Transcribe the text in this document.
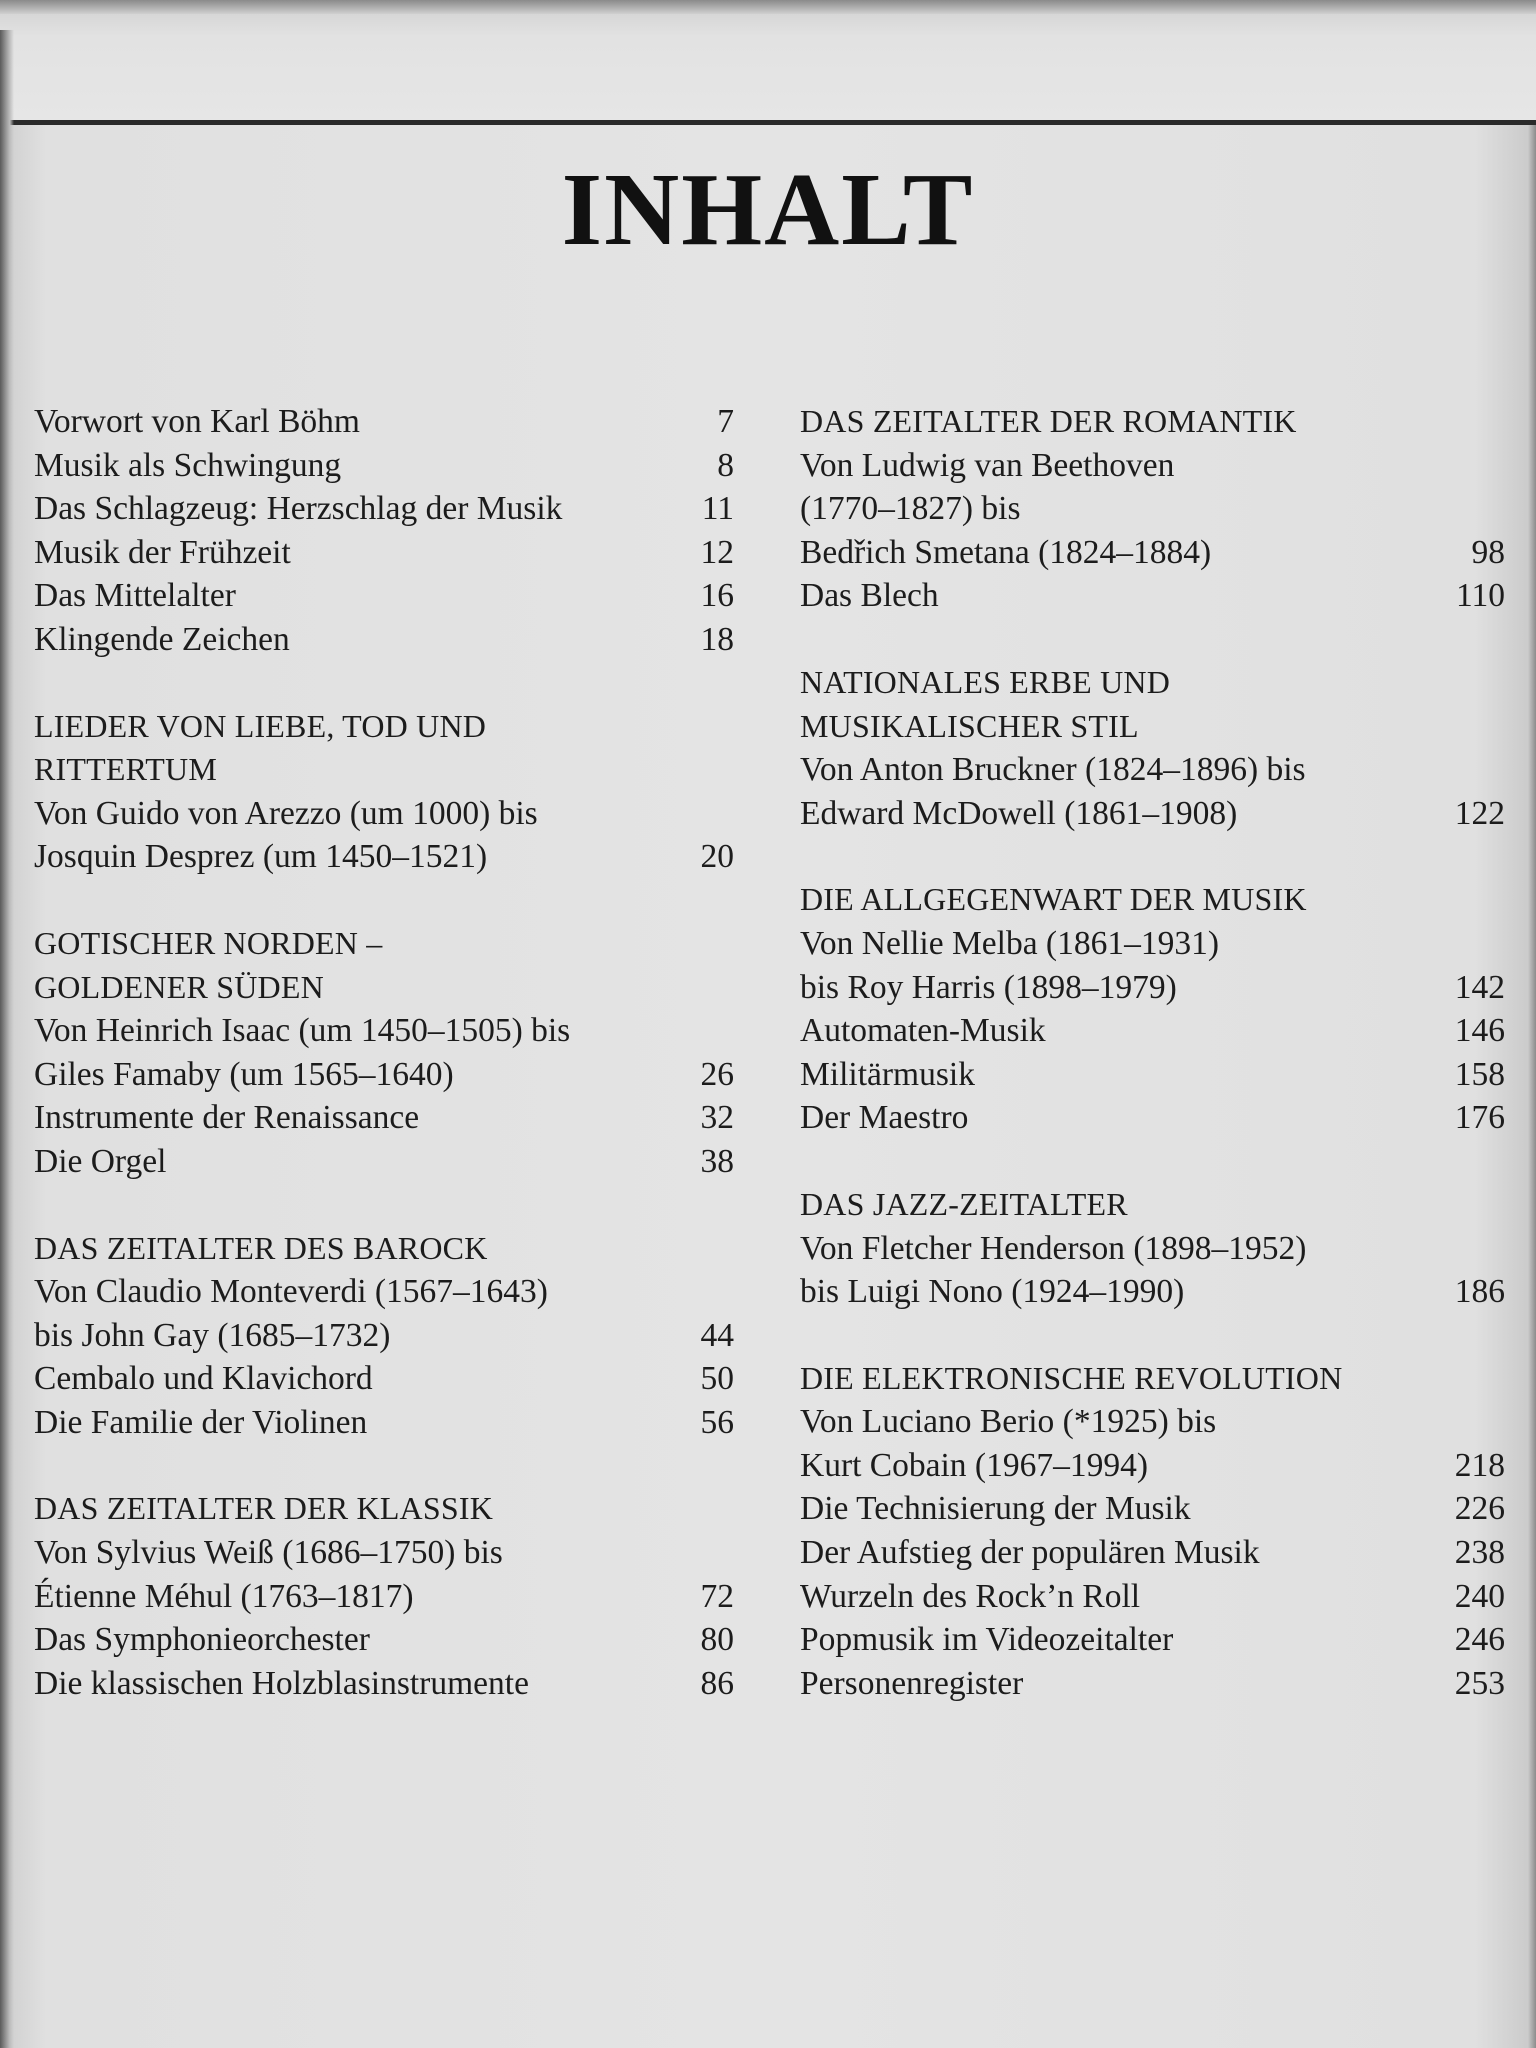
INHALT
Vorwort von Karl Böhm	7
Musik als Schwingung	8
Das Schlagzeug: Herzschlag der Musik	11
Musik der Frühzeit	12
Das Mittelalter	16
Klingende Zeichen	18
LIEDER VON LIEBE, TOD UND
RITTERTUM
Von Guido von Arezzo (um 1000) bis
Josquin Desprez (um 1450–1521)	20
GOTISCHER NORDEN –
GOLDENER SÜDEN
Von Heinrich Isaac (um 1450–1505) bis
Giles Famaby (um 1565–1640)	26
Instrumente der Renaissance	32
Die Orgel	38
DAS ZEITALTER DES BAROCK
Von Claudio Monteverdi (1567–1643)
bis John Gay (1685–1732)	44
Cembalo und Klavichord	50
Die Familie der Violinen	56
DAS ZEITALTER DER KLASSIK
Von Sylvius Weiß (1686–1750) bis
Étienne Méhul (1763–1817)	72
Das Symphonieorchester	80
Die klassischen Holzblasinstrumente	86
DAS ZEITALTER DER ROMANTIK
Von Ludwig van Beethoven
(1770–1827) bis
Bedřich Smetana (1824–1884)	98
Das Blech	110
NATIONALES ERBE UND
MUSIKALISCHER STIL
Von Anton Bruckner (1824–1896) bis
Edward McDowell (1861–1908)	122
DIE ALLGEGENWART DER MUSIK
Von Nellie Melba (1861–1931)
bis Roy Harris (1898–1979)	142
Automaten-Musik	146
Militärmusik	158
Der Maestro	176
DAS JAZZ-ZEITALTER
Von Fletcher Henderson (1898–1952)
bis Luigi Nono (1924–1990)	186
DIE ELEKTRONISCHE REVOLUTION
Von Luciano Berio (*1925) bis
Kurt Cobain (1967–1994)	218
Die Technisierung der Musik	226
Der Aufstieg der populären Musik	238
Wurzeln des Rock’n Roll	240
Popmusik im Videozeitalter	246
Personenregister	253
